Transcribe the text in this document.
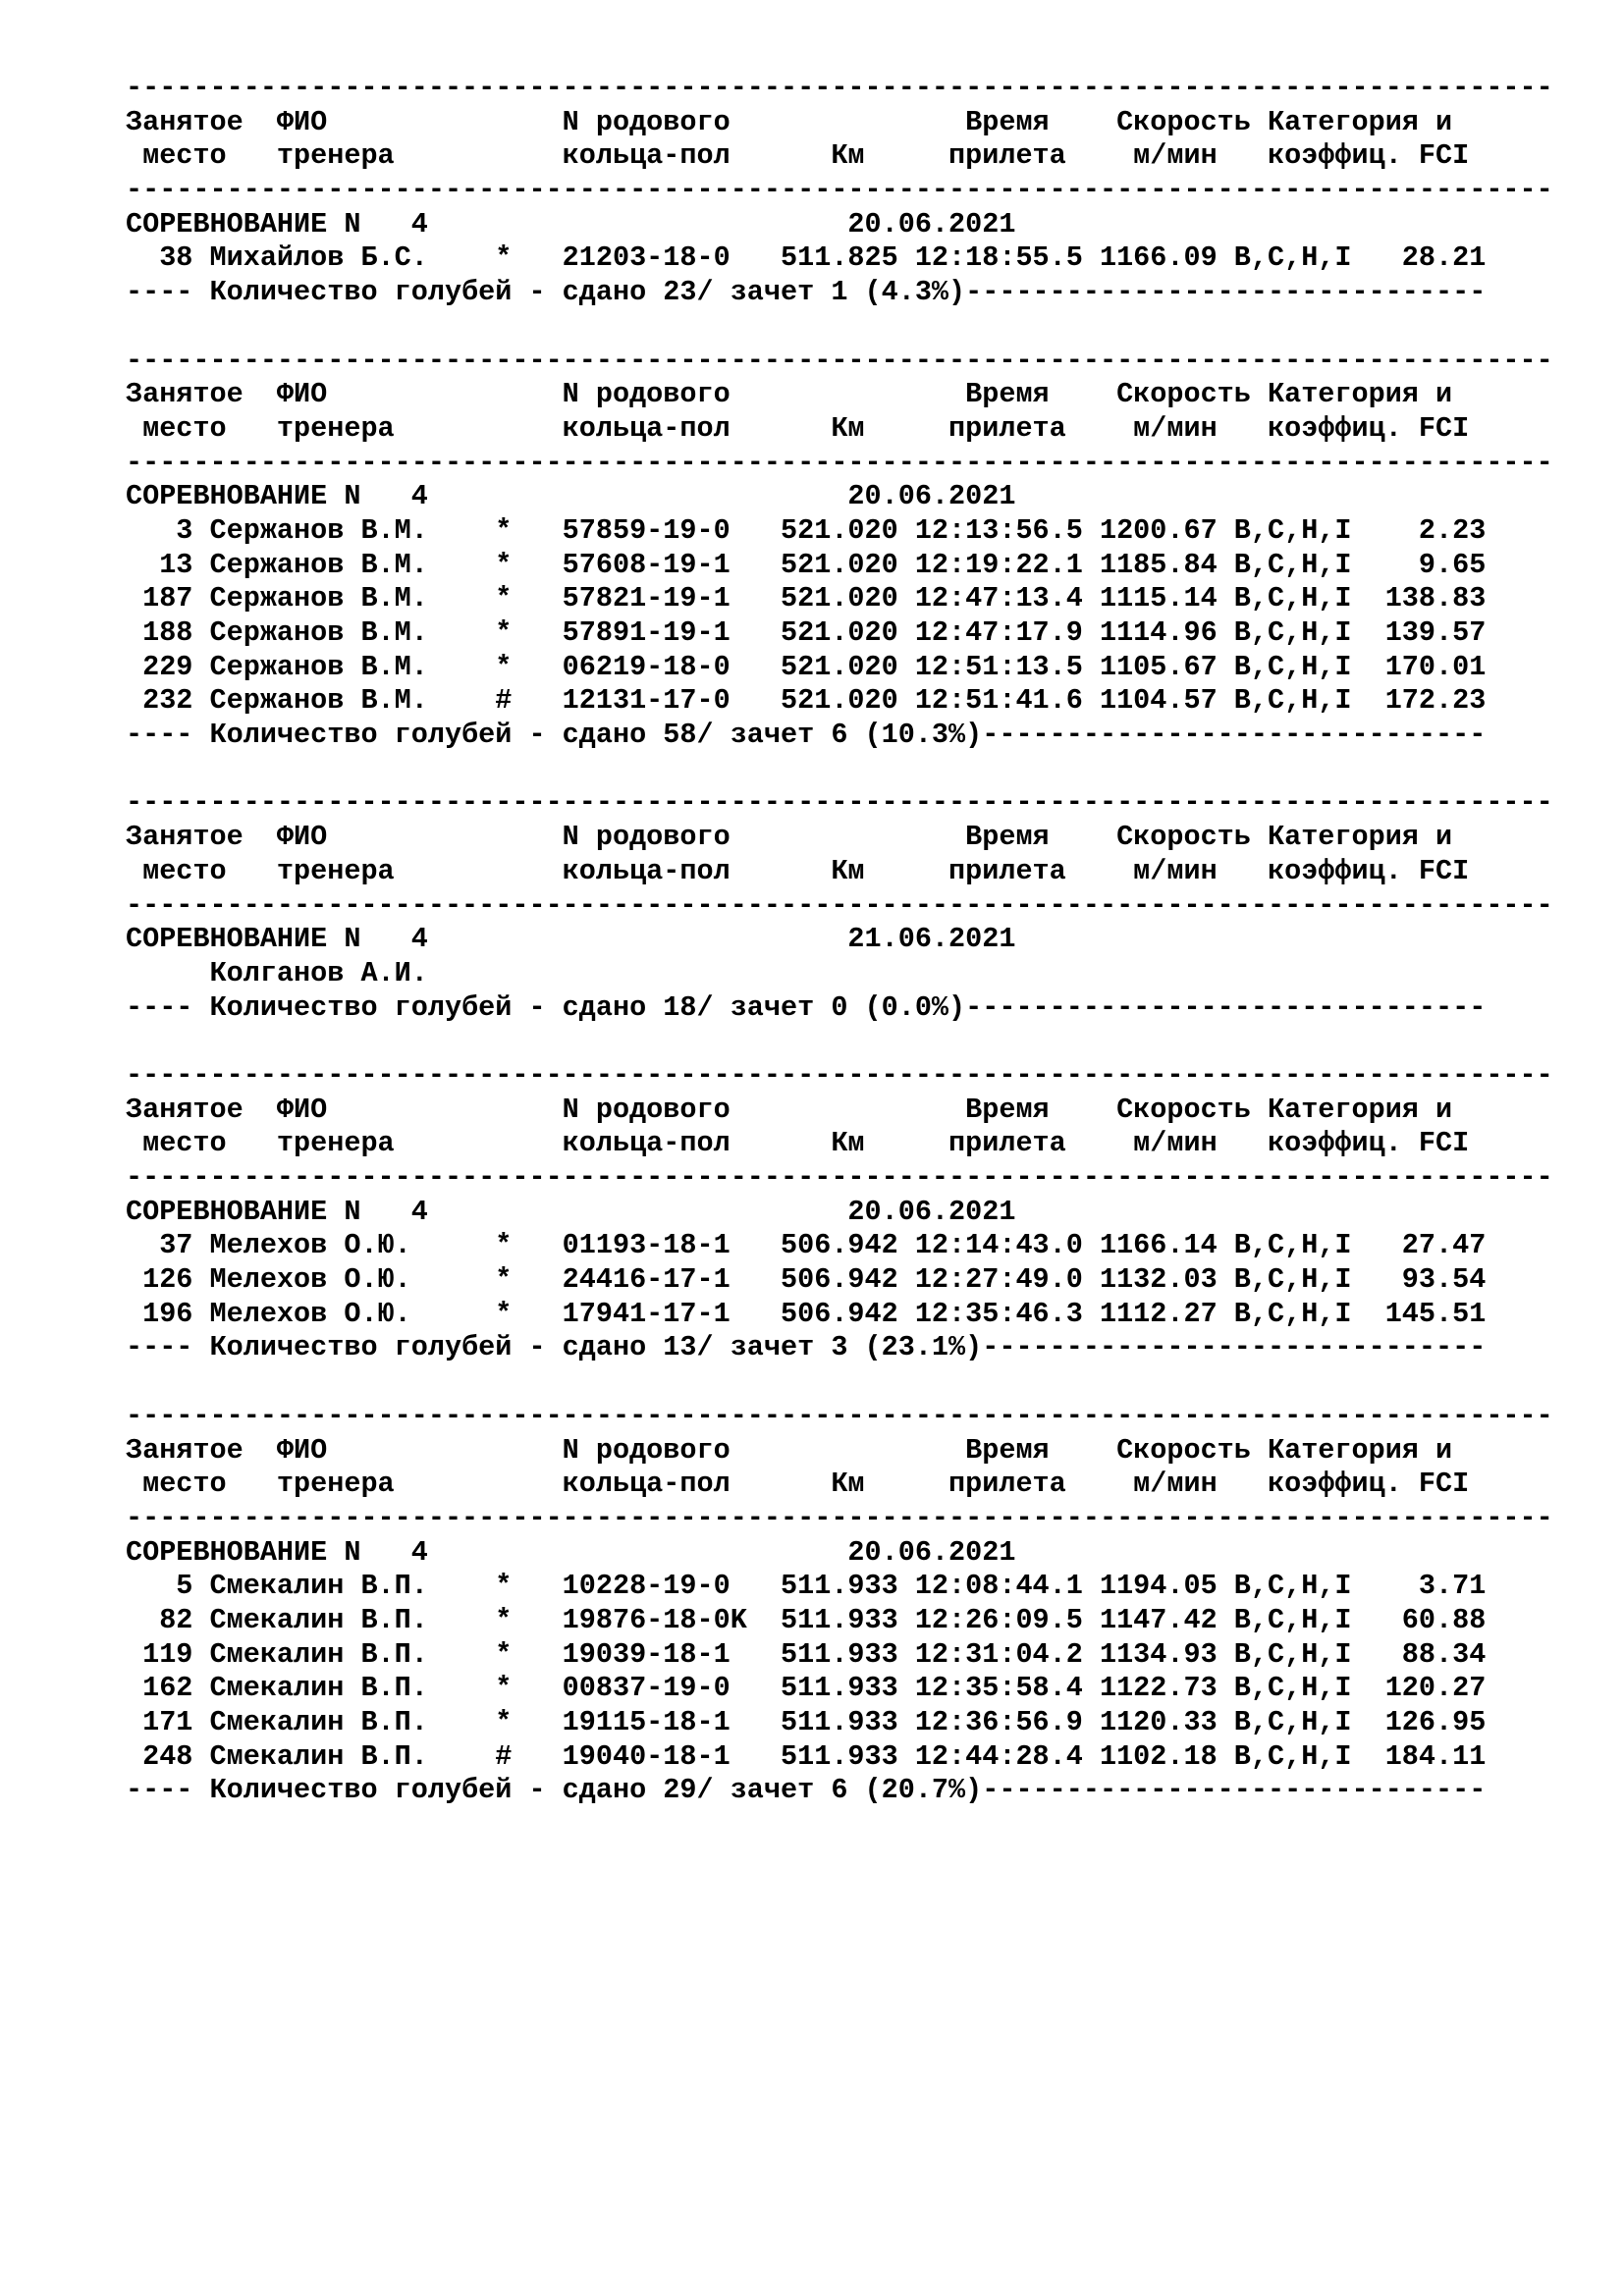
-------------------------------------------------------------------------------------
Занятое  ФИО              N родового              Время    Скорость Категория и
место   тренера          кольца-пол      Км     прилета    м/мин   коэффиц. FCI
-------------------------------------------------------------------------------------
СОРЕВНОВАНИЕ N   4                         20.06.2021
38 Михайлов Б.С.    *   21203-18-0   511.825 12:18:55.5 1166.09 B,C,H,I   28.21
---- Количество голубей - сдано 23/ зачет 1 (4.3%)-------------------------------
-------------------------------------------------------------------------------------
Занятое  ФИО              N родового              Время    Скорость Категория и
место   тренера          кольца-пол      Км     прилета    м/мин   коэффиц. FCI
-------------------------------------------------------------------------------------
СОРЕВНОВАНИЕ N   4                         20.06.2021
3 Сержанов В.М.    *   57859-19-0   521.020 12:13:56.5 1200.67 B,C,H,I    2.23
13 Сержанов В.М.    *   57608-19-1   521.020 12:19:22.1 1185.84 B,C,H,I    9.65
187 Сержанов В.М.    *   57821-19-1   521.020 12:47:13.4 1115.14 B,C,H,I  138.83
188 Сержанов В.М.    *   57891-19-1   521.020 12:47:17.9 1114.96 B,C,H,I  139.57
229 Сержанов В.М.    *   06219-18-0   521.020 12:51:13.5 1105.67 B,C,H,I  170.01
232 Сержанов В.М.    #   12131-17-0   521.020 12:51:41.6 1104.57 B,C,H,I  172.23
---- Количество голубей - сдано 58/ зачет 6 (10.3%)------------------------------
-------------------------------------------------------------------------------------
Занятое  ФИО              N родового              Время    Скорость Категория и
место   тренера          кольца-пол      Км     прилета    м/мин   коэффиц. FCI
-------------------------------------------------------------------------------------
СОРЕВНОВАНИЕ N   4                         21.06.2021
Колганов А.И.
---- Количество голубей - сдано 18/ зачет 0 (0.0%)-------------------------------
-------------------------------------------------------------------------------------
Занятое  ФИО              N родового              Время    Скорость Категория и
место   тренера          кольца-пол      Км     прилета    м/мин   коэффиц. FCI
-------------------------------------------------------------------------------------
СОРЕВНОВАНИЕ N   4                         20.06.2021
37 Мелехов О.Ю.     *   01193-18-1   506.942 12:14:43.0 1166.14 B,C,H,I   27.47
126 Мелехов О.Ю.     *   24416-17-1   506.942 12:27:49.0 1132.03 B,C,H,I   93.54
196 Мелехов О.Ю.     *   17941-17-1   506.942 12:35:46.3 1112.27 B,C,H,I  145.51
---- Количество голубей - сдано 13/ зачет 3 (23.1%)------------------------------
-------------------------------------------------------------------------------------
Занятое  ФИО              N родового              Время    Скорость Категория и
место   тренера          кольца-пол      Км     прилета    м/мин   коэффиц. FCI
-------------------------------------------------------------------------------------
СОРЕВНОВАНИЕ N   4                         20.06.2021
5 Смекалин В.П.    *   10228-19-0   511.933 12:08:44.1 1194.05 B,C,H,I    3.71
82 Смекалин В.П.    *   19876-18-0K  511.933 12:26:09.5 1147.42 B,C,H,I   60.88
119 Смекалин В.П.    *   19039-18-1   511.933 12:31:04.2 1134.93 B,C,H,I   88.34
162 Смекалин В.П.    *   00837-19-0   511.933 12:35:58.4 1122.73 B,C,H,I  120.27
171 Смекалин В.П.    *   19115-18-1   511.933 12:36:56.9 1120.33 B,C,H,I  126.95
248 Смекалин В.П.    #   19040-18-1   511.933 12:44:28.4 1102.18 B,C,H,I  184.11
---- Количество голубей - сдано 29/ зачет 6 (20.7%)------------------------------
